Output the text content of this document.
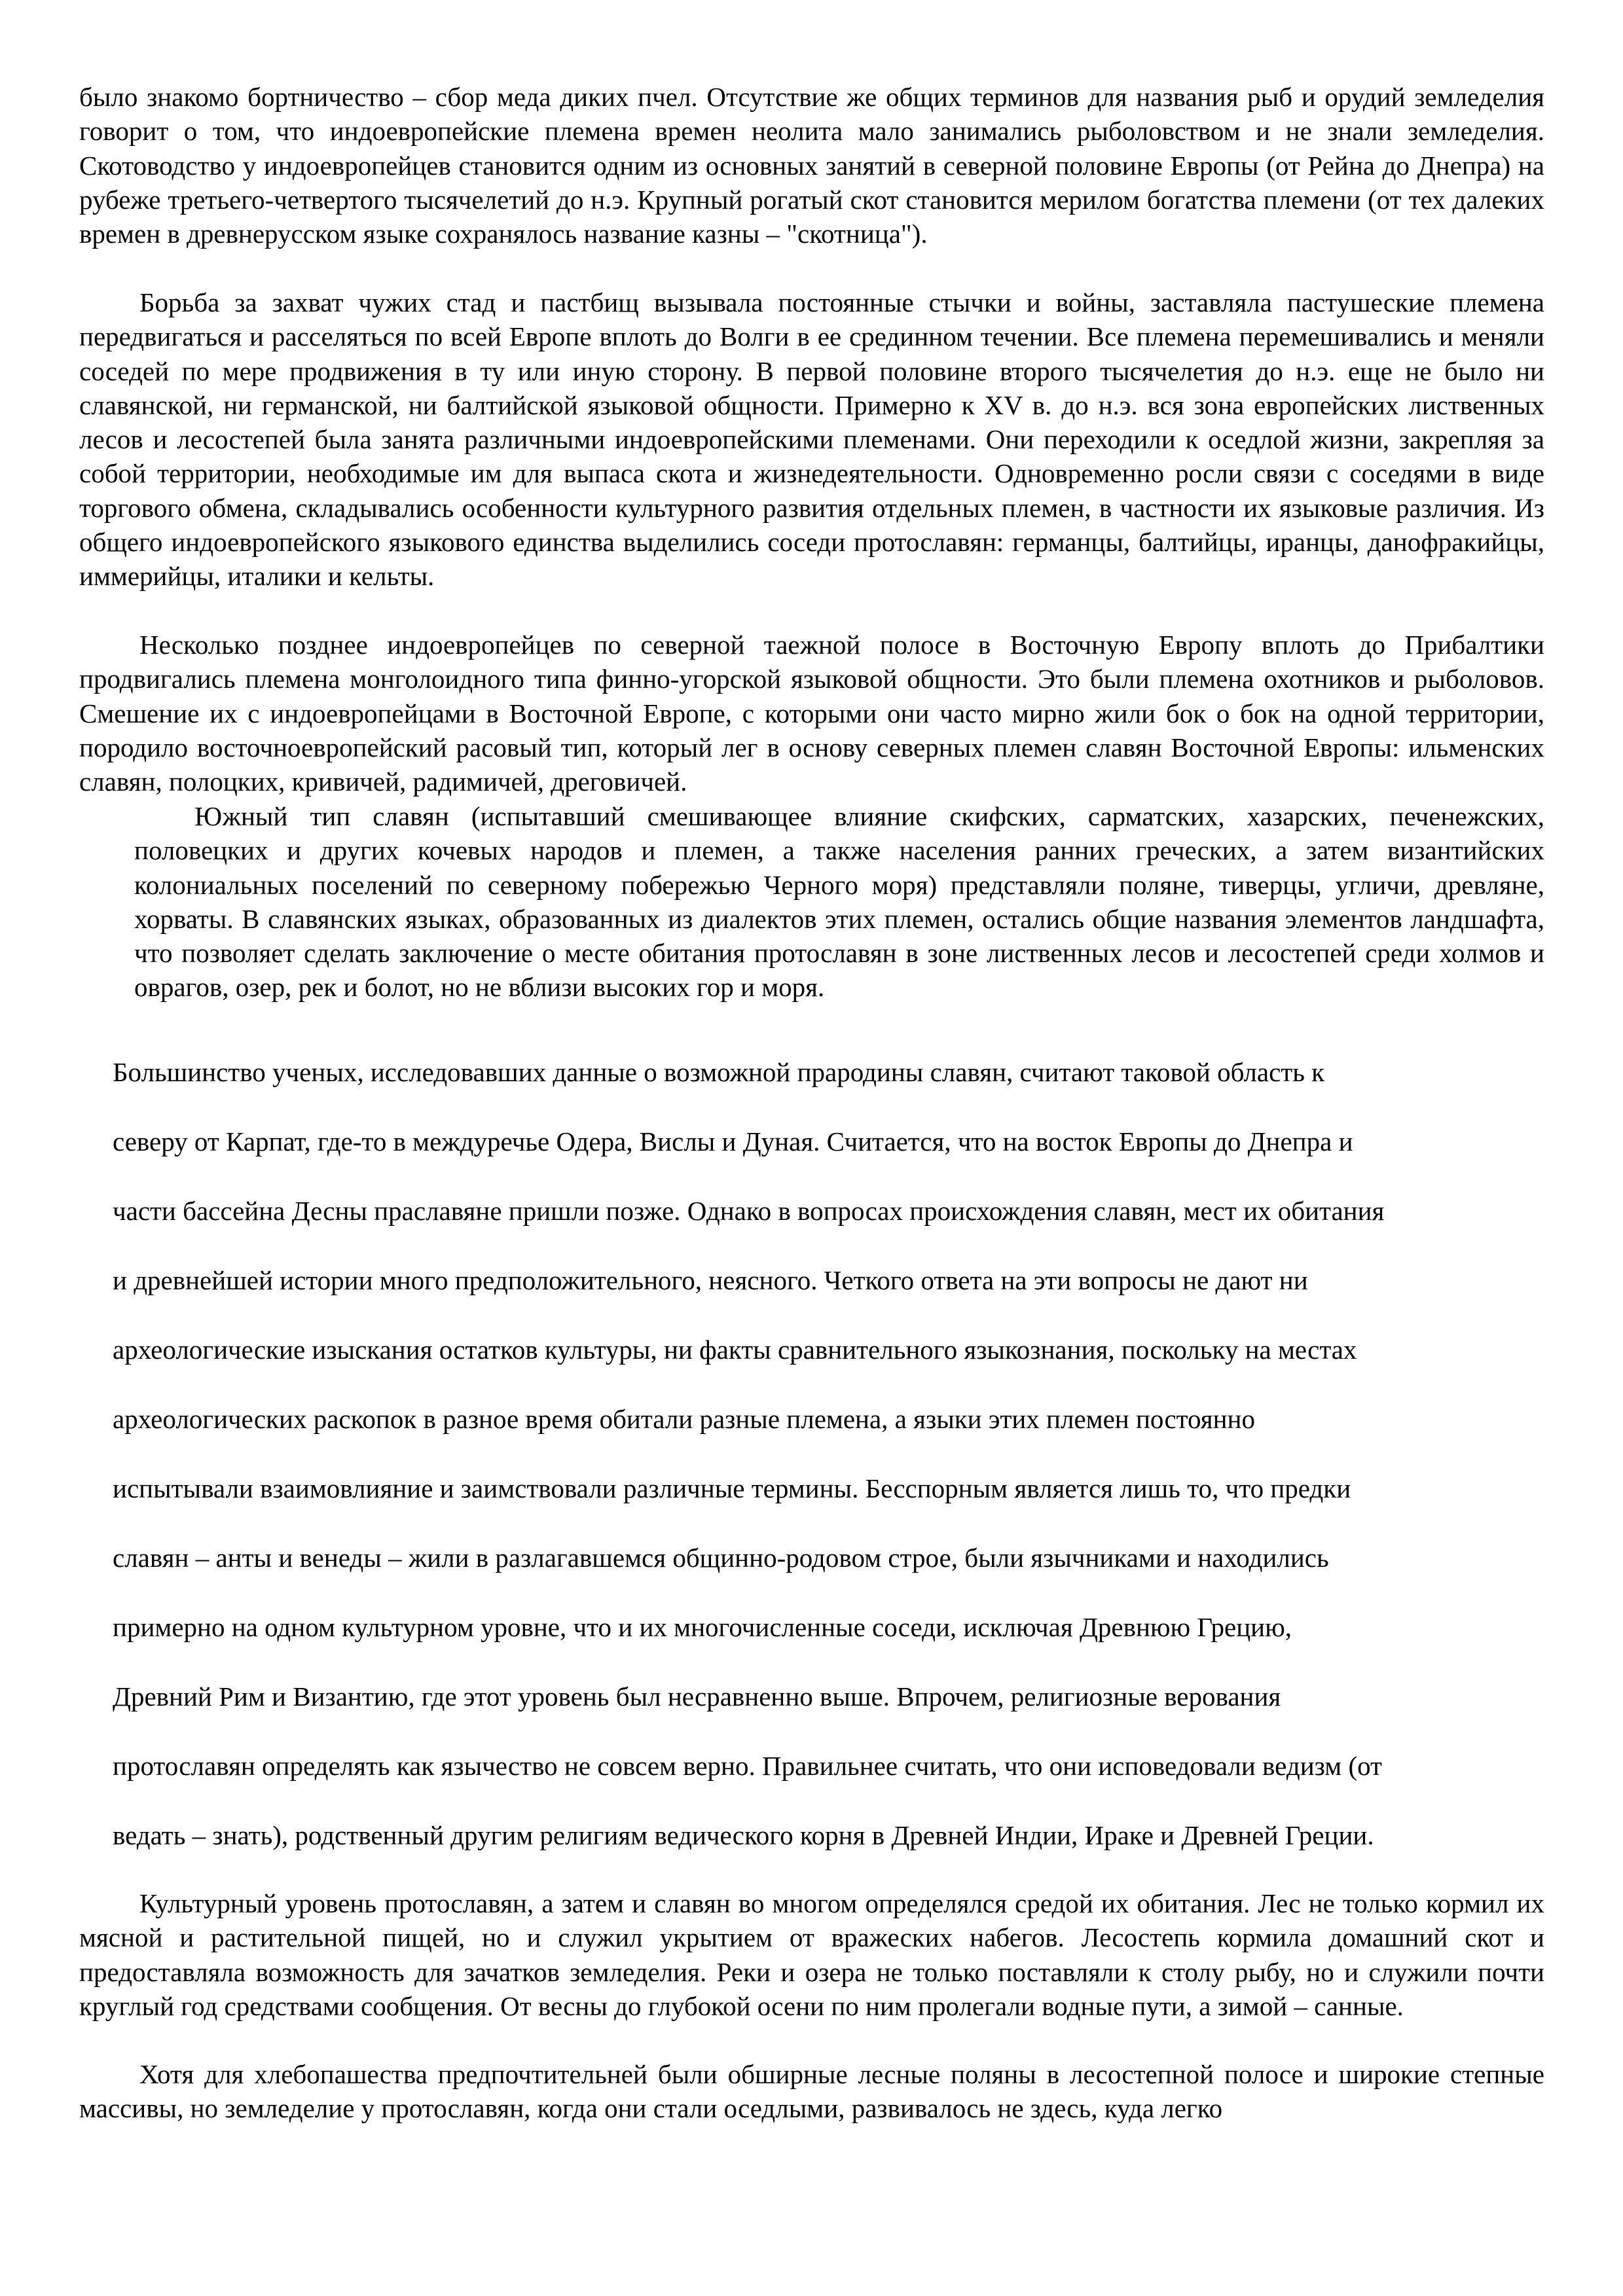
было знакомо бортничество – сбор меда диких пчел. Отсутствие же общих терминов для названия рыб и орудий земледелия говорит о том, что индоевропейские племена времен неолита мало занимались рыболовством и не знали земледелия. Скотоводство у индоевропейцев становится одним из основных занятий в северной половине Европы (от Рейна до Днепра) на рубеже третьего-четвертого тысячелетий до н.э. Крупный рогатый скот становится мерилом богатства племени (от тех далеких времен в древнерусском языке сохранялось название казны – "скотница").

Борьба за захват чужих стад и пастбищ вызывала постоянные стычки и войны, заставляла пастушеские племена передвигаться и расселяться по всей Европе вплоть до Волги в ее срединном течении. Все племена перемешивались и меняли соседей по мере продвижения в ту или иную сторону. В первой половине второго тысячелетия до н.э. еще не было ни славянской, ни германской, ни балтийской языковой общности. Примерно к XV в. до н.э. вся зона европейских лиственных лесов и лесостепей была занята различными индоевропейскими племенами. Они переходили к оседлой жизни, закрепляя за собой территории, необходимые им для выпаса скота и жизнедеятельности. Одновременно росли связи с соседями в виде торгового обмена, складывались особенности культурного развития отдельных племен, в частности их языковые различия. Из общего индоевропейского языкового единства выделились соседи протославян: германцы, балтийцы, иранцы, данофракийцы, иммерийцы, италики и кельты.

Несколько позднее индоевропейцев по северной таежной полосе в Восточную Европу вплоть до Прибалтики продвигались племена монголоидного типа финно-угорской языковой общности. Это были племена охотников и рыболовов. Смешение их с индоевропейцами в Восточной Европе, с которыми они часто мирно жили бок о бок на одной территории, породило восточноевропейский расовый тип, который лег в основу северных племен славян Восточной Европы: ильменских славян, полоцких, кривичей, радимичей, дреговичей.

Южный тип славян (испытавший смешивающее влияние скифских, сарматских, хазарских, печенежских, половецких и других кочевых народов и племен, а также населения ранних греческих, а затем византийских колониальных поселений по северному побережью Черного моря) представляли поляне, тиверцы, угличи, древляне, хорваты. В славянских языках, образованных из диалектов этих племен, остались общие названия элементов ландшафта, что позволяет сделать заключение о месте обитания протославян в зоне лиственных лесов и лесостепей среди холмов и оврагов, озер, рек и болот, но не вблизи высоких гор и моря.

Большинство ученых, исследовавших данные о возможной прародины славян, считают таковой область к
северу от Карпат, где-то в междуречье Одера, Вислы и Дуная. Считается, что на восток Европы до Днепра и
части бассейна Десны праславяне пришли позже. Однако в вопросах происхождения славян, мест их обитания
и древнейшей истории много предположительного, неясного. Четкого ответа на эти вопросы не дают ни
археологические изыскания остатков культуры, ни факты сравнительного языкознания, поскольку на местах
археологических раскопок в разное время обитали разные племена, а языки этих племен постоянно
испытывали взаимовлияние и заимствовали различные термины. Бесспорным является лишь то, что предки
славян – анты и венеды – жили в разлагавшемся общинно-родовом строе, были язычниками и находились
примерно на одном культурном уровне, что и их многочисленные соседи, исключая Древнюю Грецию,
Древний Рим и Византию, где этот уровень был несравненно выше. Впрочем, религиозные верования
протославян определять как язычество не совсем верно. Правильнее считать, что они исповедовали ведизм (от
ведать – знать), родственный другим религиям ведического корня в Древней Индии, Ираке и Древней Греции.

Культурный уровень протославян, а затем и славян во многом определялся средой их обитания. Лес не только кормил их мясной и растительной пищей, но и служил укрытием от вражеских набегов. Лесостепь кормила домашний скот и предоставляла возможность для зачатков земледелия. Реки и озера не только поставляли к столу рыбу, но и служили почти круглый год средствами сообщения. От весны до глубокой осени по ним пролегали водные пути, а зимой – санные.

Хотя для хлебопашества предпочтительней были обширные лесные поляны в лесостепной полосе и широкие степные массивы, но земледелие у протославян, когда они стали оседлыми, развивалось не здесь, куда легко
